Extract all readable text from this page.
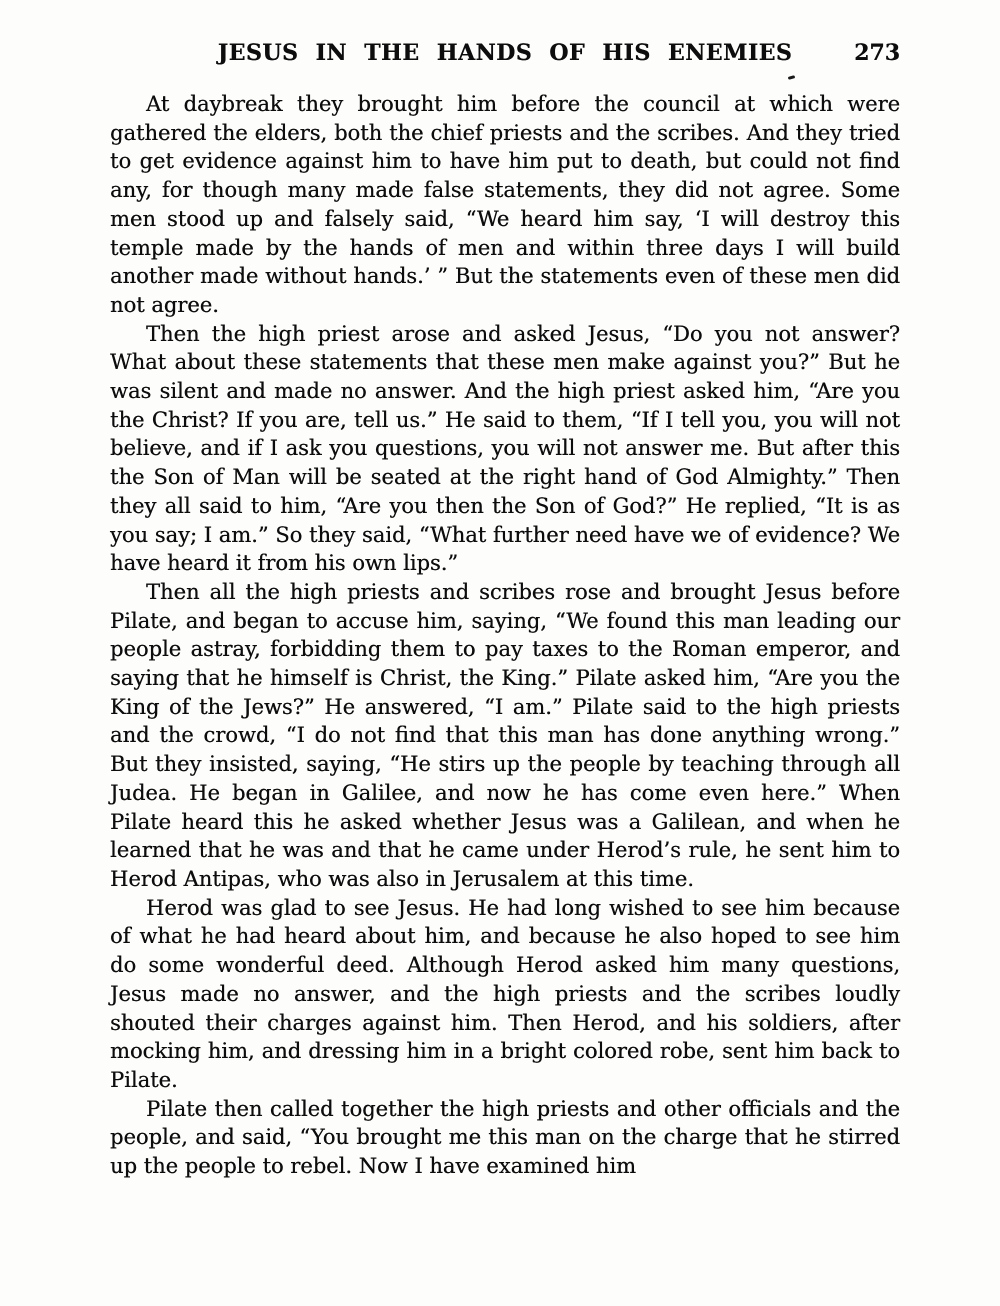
JESUS IN THE HANDS OF HIS ENEMIES	273

At daybreak they brought him before the council at which were gathered the elders, both the chief priests and the scribes. And they tried to get evidence against him to have him put to death, but could not find any, for though many made false statements, they did not agree. Some men stood up and falsely said, “We heard him say, ‘I will destroy this temple made by the hands of men and within three days I will build another made without hands.’ ” But the statements even of these men did not agree.

Then the high priest arose and asked Jesus, “Do you not answer? What about these statements that these men make against you?” But he was silent and made no answer. And the high priest asked him, “Are you the Christ? If you are, tell us.” He said to them, “If I tell you, you will not believe, and if I ask you questions, you will not answer me. But after this the Son of Man will be seated at the right hand of God Almighty.” Then they all said to him, “Are you then the Son of God?” He replied, “It is as you say; I am.” So they said, “What further need have we of evidence? We have heard it from his own lips.”

Then all the high priests and scribes rose and brought Jesus before Pilate, and began to accuse him, saying, “We found this man leading our people astray, forbidding them to pay taxes to the Roman emperor, and saying that he himself is Christ, the King.” Pilate asked him, “Are you the King of the Jews?” He answered, “I am.” Pilate said to the high priests and the crowd, “I do not find that this man has done anything wrong.” But they insisted, saying, “He stirs up the people by teaching through all Judea. He began in Galilee, and now he has come even here.” When Pilate heard this he asked whether Jesus was a Galilean, and when he learned that he was and that he came under Herod’s rule, he sent him to Herod Antipas, who was also in Jerusalem at this time.

Herod was glad to see Jesus. He had long wished to see him because of what he had heard about him, and because he also hoped to see him do some wonderful deed. Although Herod asked him many questions, Jesus made no answer, and the high priests and the scribes loudly shouted their charges against him. Then Herod, and his soldiers, after mocking him, and dressing him in a bright colored robe, sent him back to Pilate.

Pilate then called together the high priests and other officials and the people, and said, “You brought me this man on the charge that he stirred up the people to rebel. Now I have examined him
